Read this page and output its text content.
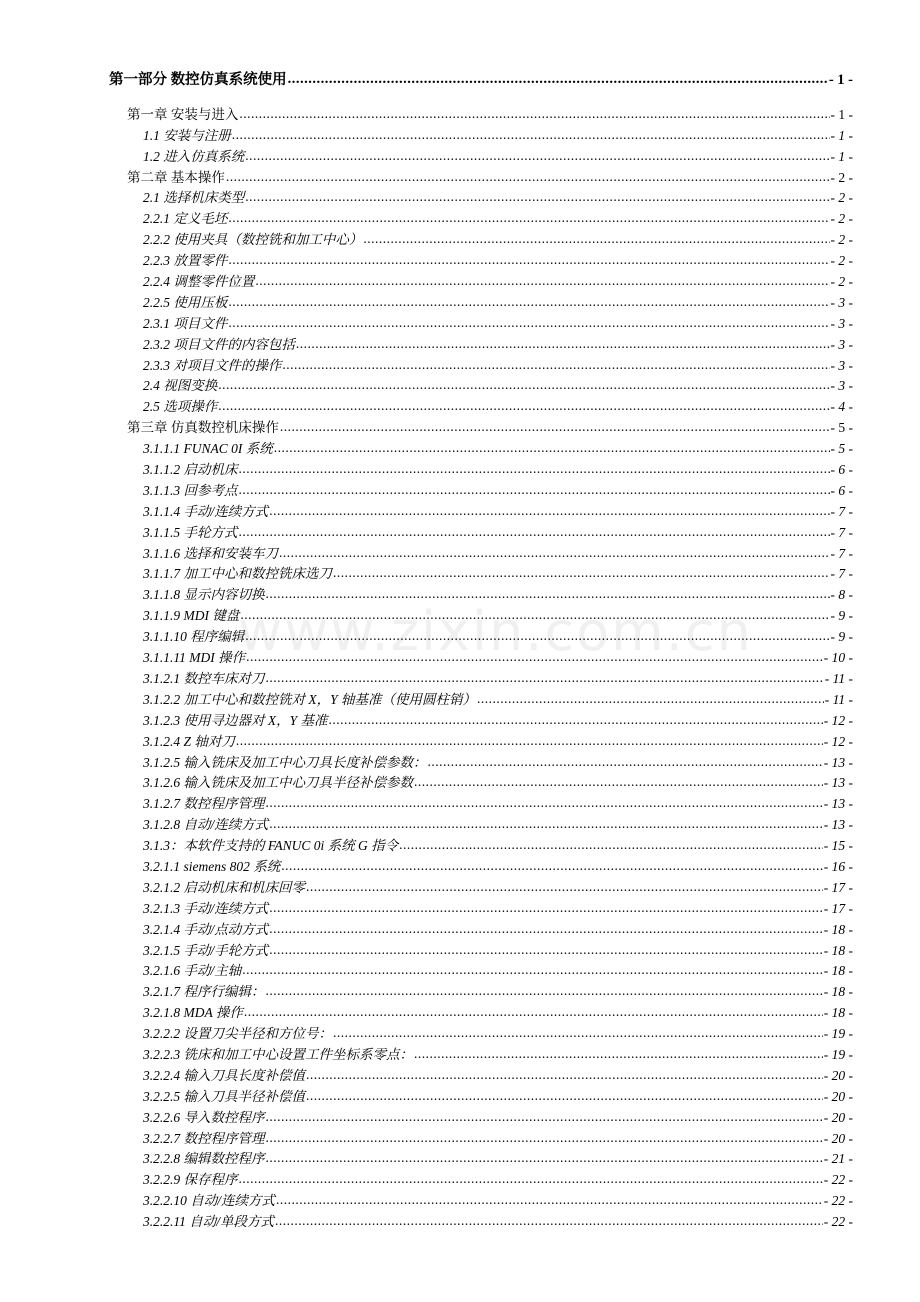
www.zixin.com.cn
第一部分 数控仿真系统使用 .....	- 1 -
第一章 安装与进入 .....	- 1 -
1.1 安装与注册 .....	- 1 -
1.2 进入仿真系统 .....	- 1 -
第二章 基本操作 .....	- 2 -
2.1 选择机床类型 .....	- 2 -
2.2.1 定义毛坯 .....	- 2 -
2.2.2 使用夹具（数控铣和加工中心） .....	- 2 -
2.2.3 放置零件 .....	- 2 -
2.2.4 调整零件位置 .....	- 2 -
2.2.5 使用压板 .....	- 3 -
2.3.1 项目文件 .....	- 3 -
2.3.2 项目文件的内容包括 .....	- 3 -
2.3.3 对项目文件的操作 .....	- 3 -
2.4 视图变换 .....	- 3 -
2.5 选项操作 .....	- 4 -
第三章 仿真数控机床操作 .....	- 5 -
3.1.1.1 FUNAC 0I 系统 .....	- 5 -
3.1.1.2 启动机床 .....	- 6 -
3.1.1.3 回参考点 .....	- 6 -
3.1.1.4 手动/连续方式 .....	- 7 -
3.1.1.5 手轮方式 .....	- 7 -
3.1.1.6 选择和安装车刀 .....	- 7 -
3.1.1.7 加工中心和数控铣床选刀 .....	- 7 -
3.1.1.8 显示内容切换 .....	- 8 -
3.1.1.9 MDI 键盘 .....	- 9 -
3.1.1.10 程序编辑 .....	- 9 -
3.1.1.11 MDI 操作 .....	- 10 -
3.1.2.1 数控车床对刀 .....	- 11 -
3.1.2.2 加工中心和数控铣对 X，Y 轴基准（使用圆柱销） .....	- 11 -
3.1.2.3 使用寻边器对 X，Y 基准 .....	- 12 -
3.1.2.4 Z 轴对刀 .....	- 12 -
3.1.2.5 输入铣床及加工中心刀具长度补偿参数： .....	- 13 -
3.1.2.6 输入铣床及加工中心刀具半径补偿参数 .....	- 13 -
3.1.2.7 数控程序管理 .....	- 13 -
3.1.2.8 自动/连续方式 .....	- 13 -
3.1.3：本软件支持的 FANUC 0i 系统 G 指令 .....	- 15 -
3.2.1.1 siemens 802 系统 .....	- 16 -
3.2.1.2 启动机床和机床回零 .....	- 17 -
3.2.1.3 手动/连续方式 .....	- 17 -
3.2.1.4 手动/点动方式 .....	- 18 -
3.2.1.5 手动/手轮方式 .....	- 18 -
3.2.1.6 手动/主轴 .....	- 18 -
3.2.1.7 程序行编辑： .....	- 18 -
3.2.1.8 MDA 操作 .....	- 18 -
3.2.2.2 设置刀尖半径和方位号： .....	- 19 -
3.2.2.3 铣床和加工中心设置工件坐标系零点： .....	- 19 -
3.2.2.4 输入刀具长度补偿值 .....	- 20 -
3.2.2.5 输入刀具半径补偿值 .....	- 20 -
3.2.2.6 导入数控程序 .....	- 20 -
3.2.2.7 数控程序管理 .....	- 20 -
3.2.2.8 编辑数控程序 .....	- 21 -
3.2.2.9 保存程序 .....	- 22 -
3.2.2.10 自动/连续方式 .....	- 22 -
3.2.2.11 自动/单段方式 .....	- 22 -
